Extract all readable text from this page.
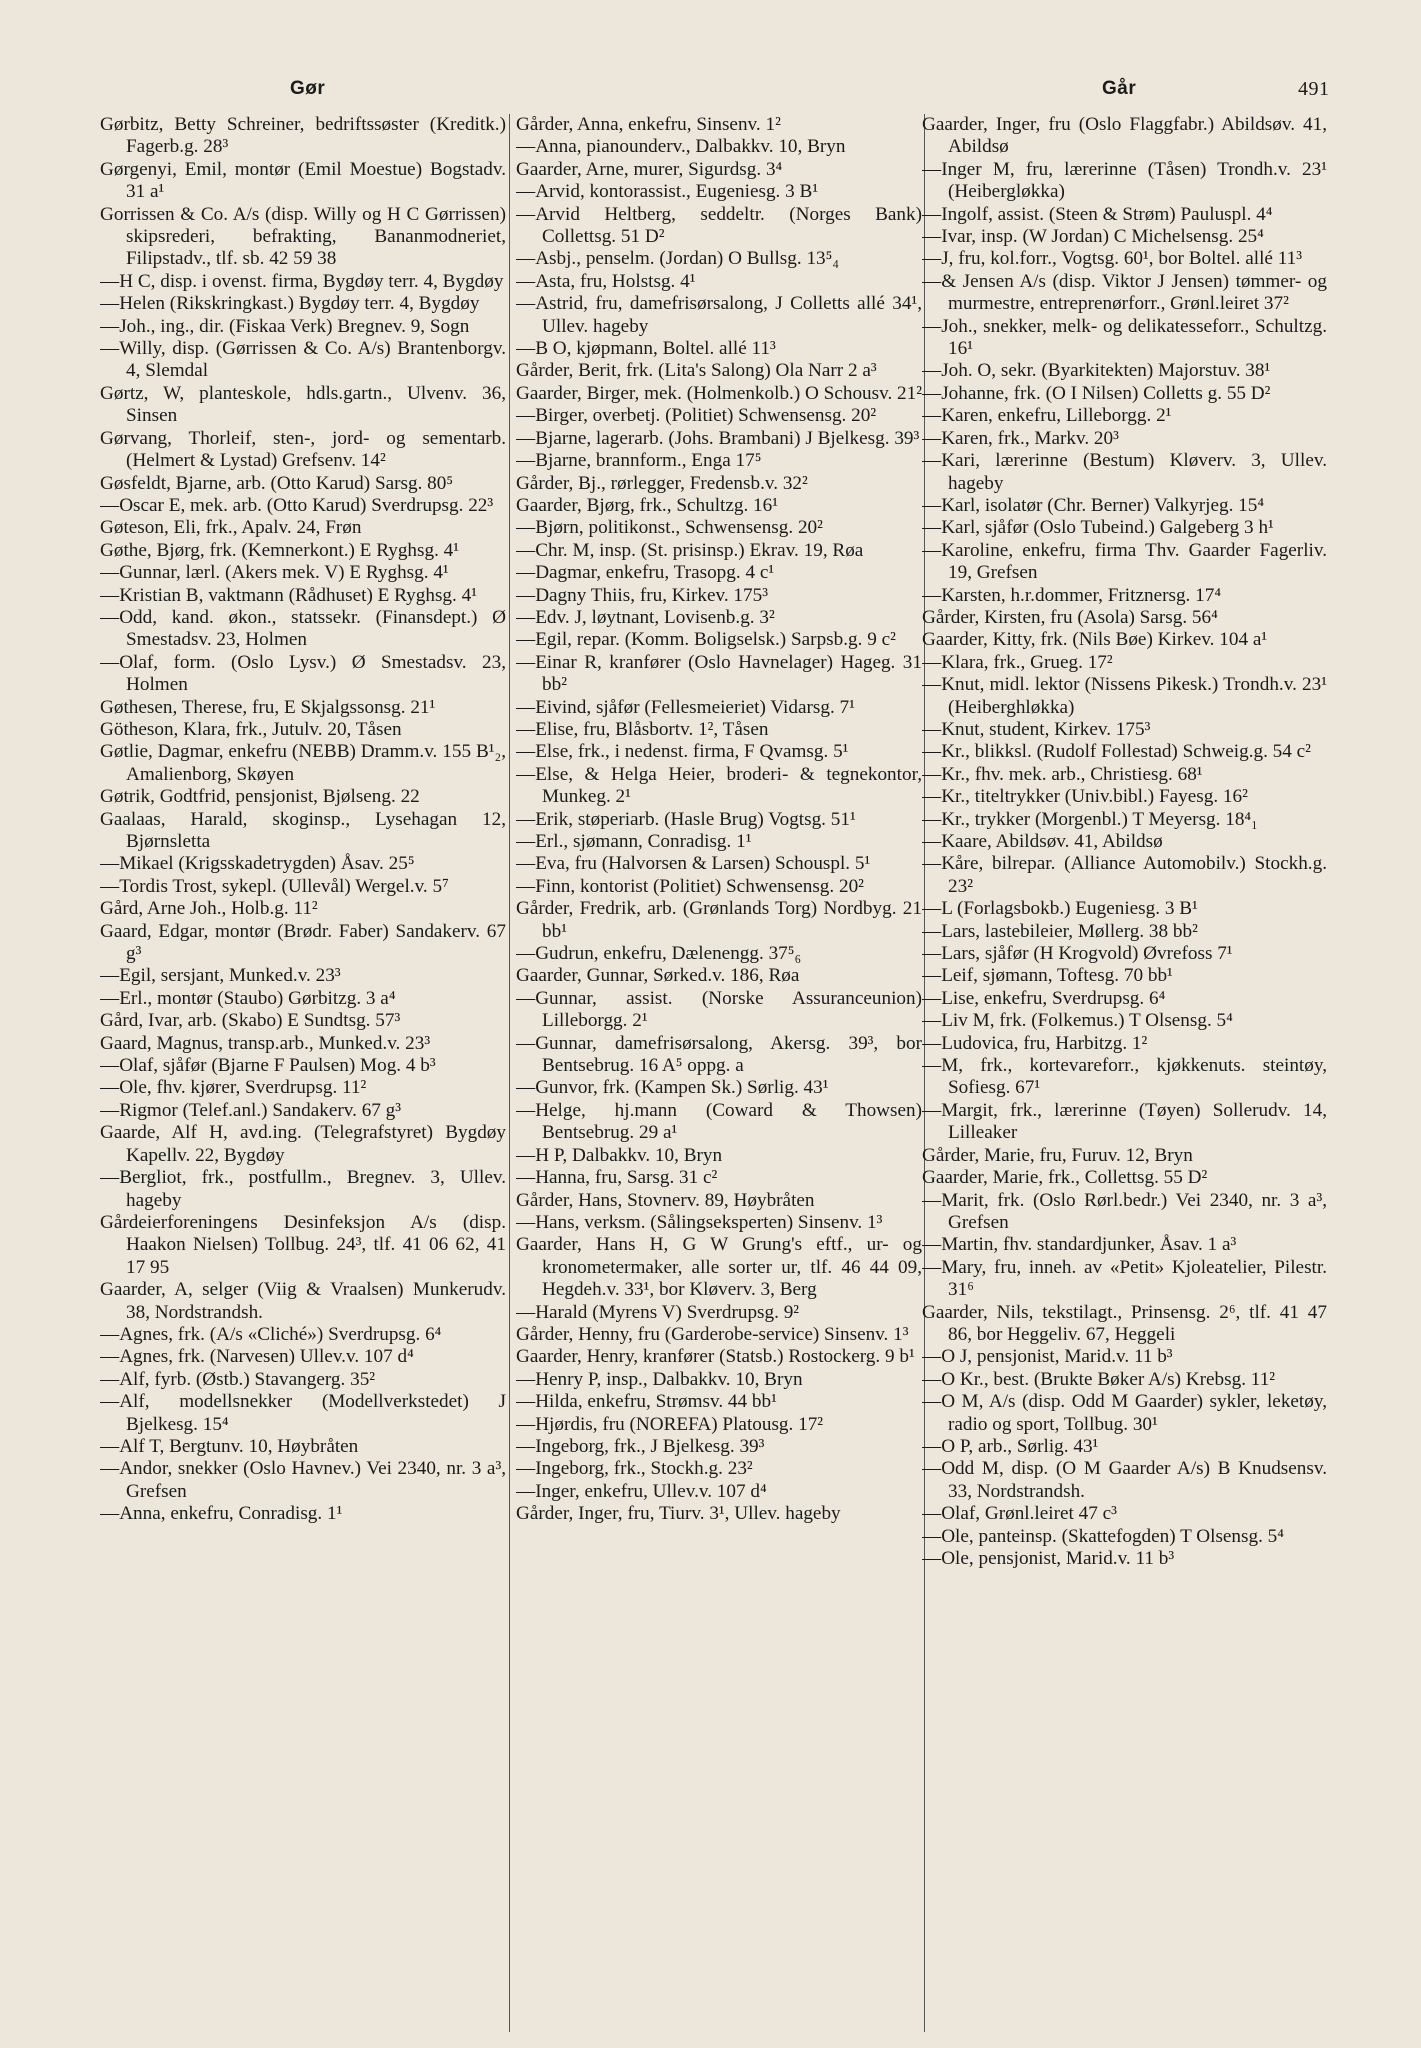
Gør	Går	491

Gørbitz, Betty Schreiner, bedriftssøster (Kreditk.) Fagerb.g. 28³

Gørgenyi, Emil, montør (Emil Moestue) Bogstadv. 31 a¹

Gorrissen & Co. A/s (disp. Willy og H C Gørrissen) skipsrederi, befrakting, Bananmodneriet, Filipstadv., tlf. sb. 42 59 38

—H C, disp. i ovenst. firma, Bygdøy terr. 4, Bygdøy

—Helen (Rikskringkast.) Bygdøy terr. 4, Bygdøy

—Joh., ing., dir. (Fiskaa Verk) Bregnev. 9, Sogn

—Willy, disp. (Gørrissen & Co. A/s) Brantenborgv. 4, Slemdal

Gørtz, W, planteskole, hdls.gartn., Ulvenv. 36, Sinsen

Gørvang, Thorleif, sten-, jord- og sementarb. (Helmert & Lystad) Grefsenv. 14²

Gøsfeldt, Bjarne, arb. (Otto Karud) Sarsg. 80⁵

—Oscar E, mek. arb. (Otto Karud) Sverdrupsg. 22³

Gøteson, Eli, frk., Apalv. 24, Frøn

Gøthe, Bjørg, frk. (Kemnerkont.) E Ryghsg. 4¹

—Gunnar, lærl. (Akers mek. V) E Ryghsg. 4¹

—Kristian B, vaktmann (Rådhuset) E Ryghsg. 4¹

—Odd, kand. økon., statssekr. (Finansdept.) Ø Smestadsv. 23, Holmen

—Olaf, form. (Oslo Lysv.) Ø Smestadsv. 23, Holmen

Gøthesen, Therese, fru, E Skjalgssonsg. 21¹

Götheson, Klara, frk., Jutulv. 20, Tåsen

Gøtlie, Dagmar, enkefru (NEBB) Dramm.v. 155 B¹₂, Amalienborg, Skøyen

Gøtrik, Godtfrid, pensjonist, Bjølseng. 22

Gaalaas, Harald, skoginsp., Lysehagan 12, Bjørnsletta

—Mikael (Krigsskadetrygden) Åsav. 25⁵

—Tordis Trost, sykepl. (Ullevål) Wergel.v. 5⁷

Gård, Arne Joh., Holb.g. 11²

Gaard, Edgar, montør (Brødr. Faber) Sandakerv. 67 g³

—Egil, sersjant, Munked.v. 23³

—Erl., montør (Staubo) Gørbitzg. 3 a⁴

Gård, Ivar, arb. (Skabo) E Sundtsg. 57³

Gaard, Magnus, transp.arb., Munked.v. 23³

—Olaf, sjåfør (Bjarne F Paulsen) Mog. 4 b³

—Ole, fhv. kjører, Sverdrupsg. 11²

—Rigmor (Telef.anl.) Sandakerv. 67 g³

Gaarde, Alf H, avd.ing. (Telegrafstyret) Bygdøy Kapellv. 22, Bygdøy

—Bergliot, frk., postfullm., Bregnev. 3, Ullev. hageby

Gårdeierforeningens Desinfeksjon A/s (disp. Haakon Nielsen) Tollbug. 24³, tlf. 41 06 62, 41 17 95

Gaarder, A, selger (Viig & Vraalsen) Munkerudv. 38, Nordstrandsh.

—Agnes, frk. (A/s «Cliché») Sverdrupsg. 6⁴

—Agnes, frk. (Narvesen) Ullev.v. 107 d⁴

—Alf, fyrb. (Østb.) Stavangerg. 35²

—Alf, modellsnekker (Modellverkstedet) J Bjelkesg. 15⁴

—Alf T, Bergtunv. 10, Høybråten

—Andor, snekker (Oslo Havnev.) Vei 2340, nr. 3 a³, Grefsen

—Anna, enkefru, Conradisg. 1¹

Gårder, Anna, enkefru, Sinsenv. 1²

—Anna, pianounderv., Dalbakkv. 10, Bryn

Gaarder, Arne, murer, Sigurdsg. 3⁴

—Arvid, kontorassist., Eugeniesg. 3 B¹

—Arvid Heltberg, seddeltr. (Norges Bank) Collettsg. 51 D²

—Asbj., penselm. (Jordan) O Bullsg. 13⁵₄

—Asta, fru, Holstsg. 4¹

—Astrid, fru, damefrisørsalong, J Colletts allé 34¹, Ullev. hageby

—B O, kjøpmann, Boltel. allé 11³

Gårder, Berit, frk. (Lita's Salong) Ola Narr 2 a³

Gaarder, Birger, mek. (Holmenkolb.) O Schousv. 21²

—Birger, overbetj. (Politiet) Schwensensg. 20²

—Bjarne, lagerarb. (Johs. Brambani) J Bjelkesg. 39³

—Bjarne, brannform., Enga 17⁵

Gårder, Bj., rørlegger, Fredensb.v. 32²

Gaarder, Bjørg, frk., Schultzg. 16¹

—Bjørn, politikonst., Schwensensg. 20²

—Chr. M, insp. (St. prisinsp.) Ekrav. 19, Røa

—Dagmar, enkefru, Trasopg. 4 c¹

—Dagny Thiis, fru, Kirkev. 175³

—Edv. J, løytnant, Lovisenb.g. 3²

—Egil, repar. (Komm. Boligselsk.) Sarpsb.g. 9 c²

—Einar R, kranfører (Oslo Havnelager) Hageg. 31 bb²

—Eivind, sjåfør (Fellesmeieriet) Vidarsg. 7¹

—Elise, fru, Blåsbortv. 1², Tåsen

—Else, frk., i nedenst. firma, F Qvamsg. 5¹

—Else, & Helga Heier, broderi- & tegnekontor, Munkeg. 2¹

—Erik, støperiarb. (Hasle Brug) Vogtsg. 51¹

—Erl., sjømann, Conradisg. 1¹

—Eva, fru (Halvorsen & Larsen) Schouspl. 5¹

—Finn, kontorist (Politiet) Schwensensg. 20²

Gårder, Fredrik, arb. (Grønlands Torg) Nordbyg. 21 bb¹

—Gudrun, enkefru, Dælenengg. 37⁵₆

Gaarder, Gunnar, Sørked.v. 186, Røa

—Gunnar, assist. (Norske Assuranceunion) Lilleborgg. 2¹

—Gunnar, damefrisørsalong, Akersg. 39³, bor Bentsebrug. 16 A⁵ oppg. a

—Gunvor, frk. (Kampen Sk.) Sørlig. 43¹

—Helge, hj.mann (Coward & Thowsen) Bentsebrug. 29 a¹

—H P, Dalbakkv. 10, Bryn

—Hanna, fru, Sarsg. 31 c²

Gårder, Hans, Stovnerv. 89, Høybråten

—Hans, verksm. (Sålingseksperten) Sinsenv. 1³

Gaarder, Hans H, G W Grung's eftf., ur- og kronometermaker, alle sorter ur, tlf. 46 44 09, Hegdeh.v. 33¹, bor Kløverv. 3, Berg

—Harald (Myrens V) Sverdrupsg. 9²

Gårder, Henny, fru (Garderobe-service) Sinsenv. 1³

Gaarder, Henry, kranfører (Statsb.) Rostockerg. 9 b¹

—Henry P, insp., Dalbakkv. 10, Bryn

—Hilda, enkefru, Strømsv. 44 bb¹

—Hjørdis, fru (NOREFA) Platousg. 17²

—Ingeborg, frk., J Bjelkesg. 39³

—Ingeborg, frk., Stockh.g. 23²

—Inger, enkefru, Ullev.v. 107 d⁴

Gårder, Inger, fru, Tiurv. 3¹, Ullev. hageby

Gaarder, Inger, fru (Oslo Flaggfabr.) Abildsøv. 41, Abildsø

—Inger M, fru, lærerinne (Tåsen) Trondh.v. 23¹ (Heibergløkka)

—Ingolf, assist. (Steen & Strøm) Pauluspl. 4⁴

—Ivar, insp. (W Jordan) C Michelsensg. 25⁴

—J, fru, kol.forr., Vogtsg. 60¹, bor Boltel. allé 11³

—& Jensen A/s (disp. Viktor J Jensen) tømmer- og murmestre, entreprenørforr., Grønl.leiret 37²

—Joh., snekker, melk- og delikatesseforr., Schultzg. 16¹

—Joh. O, sekr. (Byarkitekten) Majorstuv. 38¹

—Johanne, frk. (O I Nilsen) Colletts g. 55 D²

—Karen, enkefru, Lilleborgg. 2¹

—Karen, frk., Markv. 20³

—Kari, lærerinne (Bestum) Kløverv. 3, Ullev. hageby

—Karl, isolatør (Chr. Berner) Valkyrjeg. 15⁴

—Karl, sjåfør (Oslo Tubeind.) Galgeberg 3 h¹

—Karoline, enkefru, firma Thv. Gaarder Fagerliv. 19, Grefsen

—Karsten, h.r.dommer, Fritznersg. 17⁴

Gårder, Kirsten, fru (Asola) Sarsg. 56⁴

Gaarder, Kitty, frk. (Nils Bøe) Kirkev. 104 a¹

—Klara, frk., Grueg. 17²

—Knut, midl. lektor (Nissens Pikesk.) Trondh.v. 23¹ (Heiberghløkka)

—Knut, student, Kirkev. 175³

—Kr., blikksl. (Rudolf Follestad) Schweig.g. 54 c²

—Kr., fhv. mek. arb., Christiesg. 68¹

—Kr., titeltrykker (Univ.bibl.) Fayesg. 16²

—Kr., trykker (Morgenbl.) T Meyersg. 18⁴₁

—Kaare, Abildsøv. 41, Abildsø

—Kåre, bilrepar. (Alliance Automobilv.) Stockh.g. 23²

—L (Forlagsbokb.) Eugeniesg. 3 B¹

—Lars, lastebileier, Møllerg. 38 bb²

—Lars, sjåfør (H Krogvold) Øvrefoss 7¹

—Leif, sjømann, Toftesg. 70 bb¹

—Lise, enkefru, Sverdrupsg. 6⁴

—Liv M, frk. (Folkemus.) T Olsensg. 5⁴

—Ludovica, fru, Harbitzg. 1²

—M, frk., kortevareforr., kjøkkenuts. steintøy, Sofiesg. 67¹

—Margit, frk., lærerinne (Tøyen) Sollerudv. 14, Lilleaker

Gårder, Marie, fru, Furuv. 12, Bryn

Gaarder, Marie, frk., Collettsg. 55 D²

—Marit, frk. (Oslo Rørl.bedr.) Vei 2340, nr. 3 a³, Grefsen

—Martin, fhv. standardjunker, Åsav. 1 a³

—Mary, fru, inneh. av «Petit» Kjoleatelier, Pilestr. 31⁶

Gaarder, Nils, tekstilagt., Prinsensg. 2⁶, tlf. 41 47 86, bor Heggeliv. 67, Heggeli

—O J, pensjonist, Marid.v. 11 b³

—O Kr., best. (Brukte Bøker A/s) Krebsg. 11²

—O M, A/s (disp. Odd M Gaarder) sykler, leketøy, radio og sport, Tollbug. 30¹

—O P, arb., Sørlig. 43¹

—Odd M, disp. (O M Gaarder A/s) B Knudsensv. 33, Nordstrandsh.

—Olaf, Grønl.leiret 47 c³

—Ole, panteinsp. (Skattefogden) T Olsensg. 5⁴

—Ole, pensjonist, Marid.v. 11 b³
